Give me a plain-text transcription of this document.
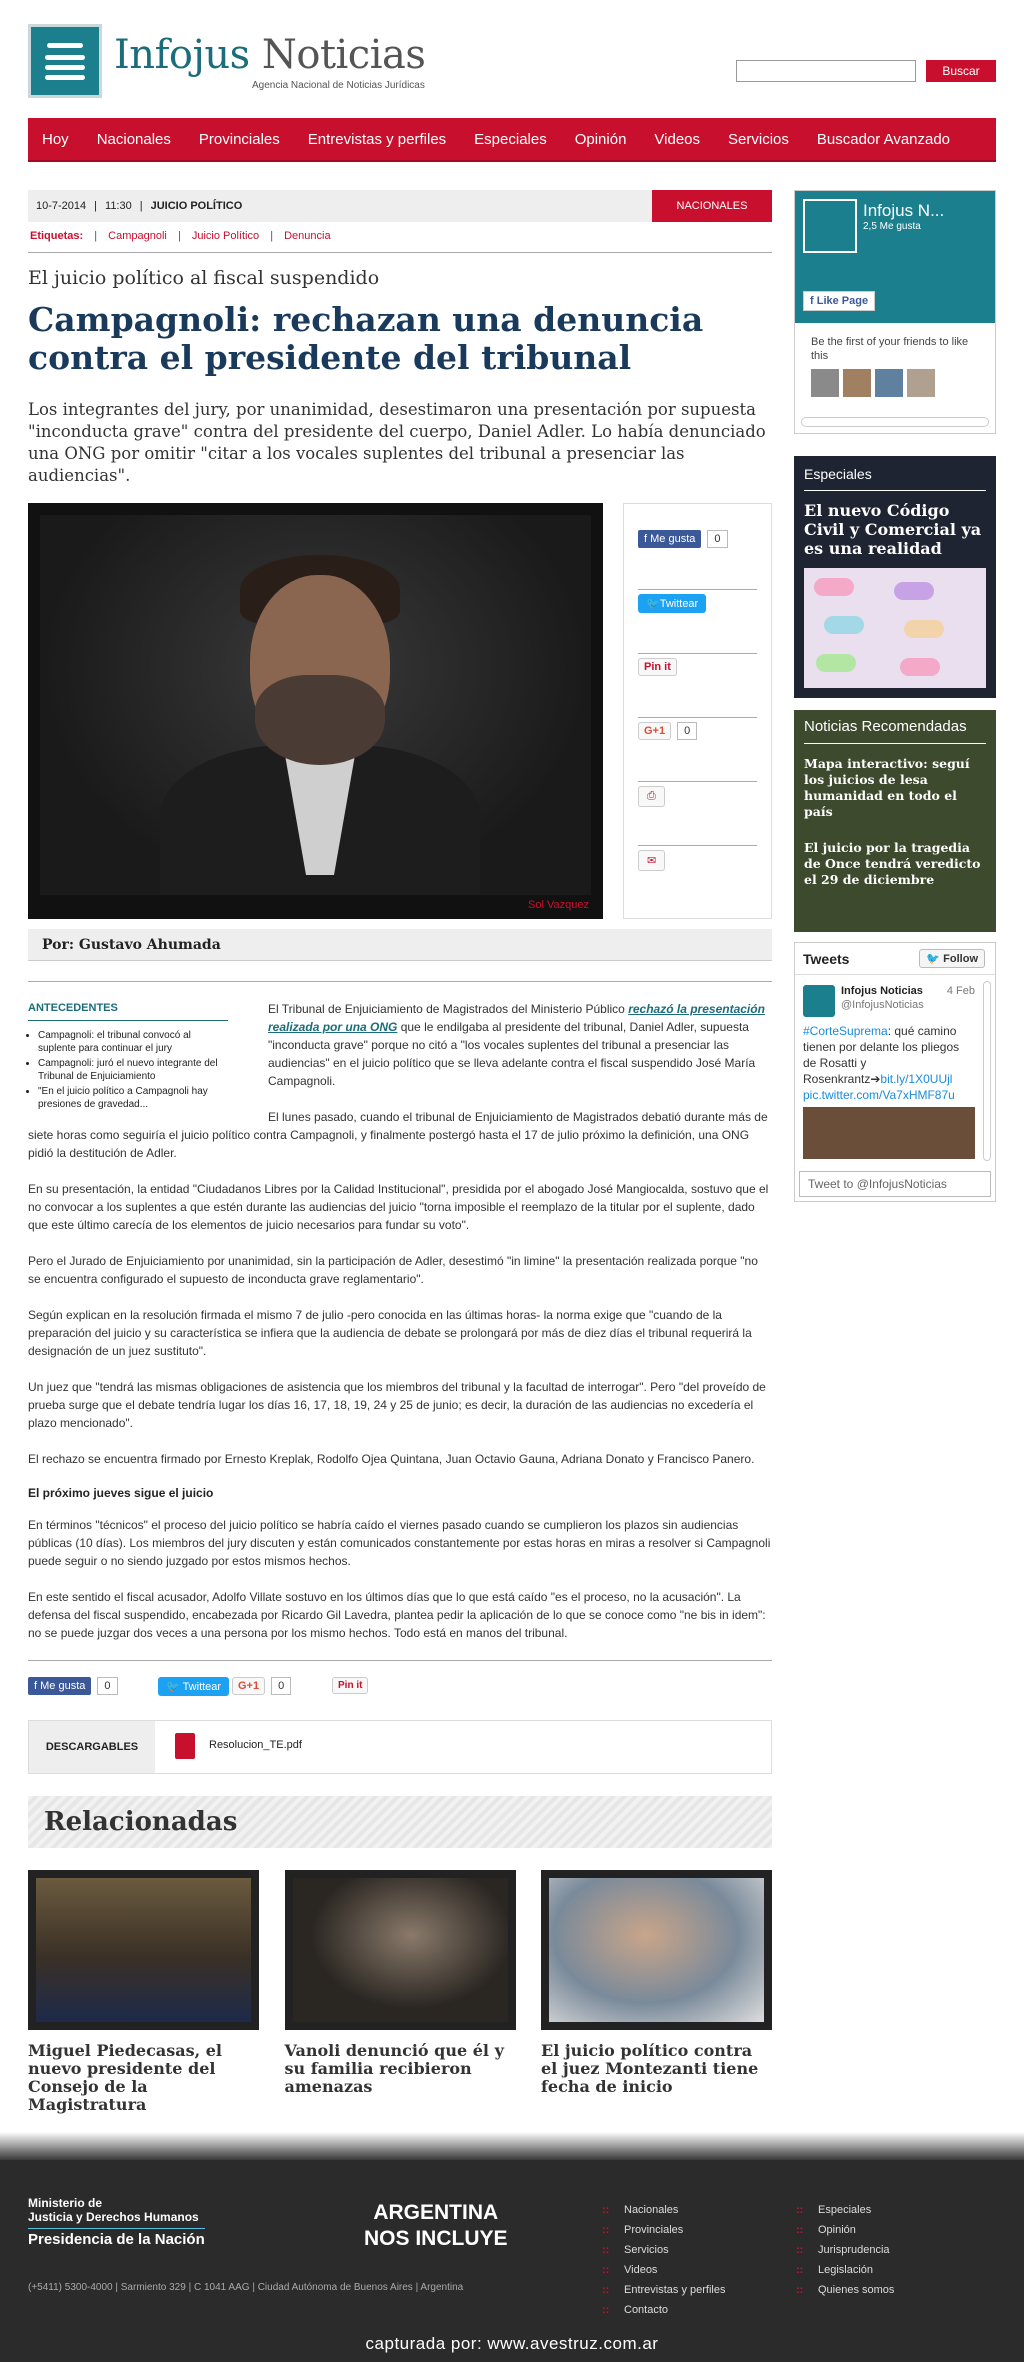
Infojus Noticias
Agencia Nacional de Noticias Jurídicas
Buscar
Hoy Nacionales Provinciales Entrevistas y perfiles Especiales Opinión Videos Servicios Buscador Avanzado
10-7-2014 | 11:30 | JUICIO POLÍTICO	NACIONALES
Etiquetas: | Campagnoli | Juicio Político | Denuncia
El juicio político al fiscal suspendido
Campagnoli: rechazan una denuncia contra el presidente del tribunal

Los integrantes del jury, por unanimidad, desestimaron una presentación por supuesta "inconducta grave" contra del presidente del cuerpo, Daniel Adler. Lo había denunciado una ONG por omitir "citar a los vocales suplentes del tribunal a presenciar las audiencias".

Sol Vazquez
f Me gusta	0
🐦 Twittear
Pin it
G+1	0
⎙
✉
Por: Gustavo Ahumada
ANTECEDENTES
• Campagnoli: el tribunal convocó al suplente para continuar el jury
• Campagnoli: juró el nuevo integrante del Tribunal de Enjuiciamiento
• "En el juicio político a Campagnoli hay presiones de gravedad...

El Tribunal de Enjuiciamiento de Magistrados del Ministerio Público rechazó la presentación realizada por una ONG que le endilgaba al presidente del tribunal, Daniel Adler, supuesta "inconducta grave" porque no citó a "los vocales suplentes del tribunal a presenciar las audiencias" en el juicio político que se lleva adelante contra el fiscal suspendido José María Campagnoli.

El lunes pasado, cuando el tribunal de Enjuiciamiento de Magistrados debatió durante más de siete horas como seguiría el juicio político contra Campagnoli, y finalmente postergó hasta el 17 de julio próximo la definición, una ONG pidió la destitución de Adler.

En su presentación, la entidad "Ciudadanos Libres por la Calidad Institucional", presidida por el abogado José Mangiocalda, sostuvo que el no convocar a los suplentes a que estén durante las audiencias del juicio "torna imposible el reemplazo de la titular por el suplente, dado que este último carecía de los elementos de juicio necesarios para fundar su voto".

Pero el Jurado de Enjuiciamiento por unanimidad, sin la participación de Adler, desestimó "in limine" la presentación realizada porque "no se encuentra configurado el supuesto de inconducta grave reglamentario".

Según explican en la resolución firmada el mismo 7 de julio -pero conocida en las últimas horas- la norma exige que "cuando de la preparación del juicio y su característica se infiera que la audiencia de debate se prolongará por más de diez días el tribunal requerirá la designación de un juez sustituto".

Un juez que "tendrá las mismas obligaciones de asistencia que los miembros del tribunal y la facultad de interrogar". Pero "del proveído de prueba surge que el debate tendría lugar los días 16, 17, 18, 19, 24 y 25 de junio; es decir, la duración de las audiencias no excedería el plazo mencionado".

El rechazo se encuentra firmado por Ernesto Kreplak, Rodolfo Ojea Quintana, Juan Octavio Gauna, Adriana Donato y Francisco Panero.

El próximo jueves sigue el juicio

En términos "técnicos" el proceso del juicio político se habría caído el viernes pasado cuando se cumplieron los plazos sin audiencias públicas (10 días). Los miembros del jury discuten y están comunicados constantemente por estas horas en miras a resolver si Campagnoli puede seguir o no siendo juzgado por estos mismos hechos.

En este sentido el fiscal acusador, Adolfo Villate sostuvo en los últimos días que lo que está caído "es el proceso, no la acusación". La defensa del fiscal suspendido, encabezada por Ricardo Gil Lavedra, plantea pedir la aplicación de lo que se conoce como "ne bis in idem": no se puede juzgar dos veces a una persona por los mismo hechos. Todo está en manos del tribunal.

f Me gusta	0	🐦 Twittear	G+1	0	Pin it
DESCARGABLES	Resolucion_TE.pdf
Relacionadas
Miguel Piedecasas, el nuevo presidente del Consejo de la Magistratura
Vanoli denunció que él y su familia recibieron amenazas
El juicio político contra el juez Montezanti tiene fecha de inicio
Infojus N...
2,5 Me gusta
f Like Page
Be the first of your friends to like this
Especiales
El nuevo Código Civil y Comercial ya es una realidad
Noticias Recomendadas
Mapa interactivo: seguí los juicios de lesa humanidad en todo el país
El juicio por la tragedia de Once tendrá veredicto el 29 de diciembre
Tweets	🐦 Follow
Infojus Noticias
@InfojusNoticias
4 Feb
#CorteSuprema: qué camino tienen por delante los pliegos de Rosatti y Rosenkrantz➔bit.ly/1X0UUjl pic.twitter.com/Va7xHMF87u
Tweet to @InfojusNoticias
Ministerio de
Justicia y Derechos Humanos
Presidencia de la Nación
ARGENTINA
NOS INCLUYE
(+5411) 5300-4000 | Sarmiento 329 | C 1041 AAG | Ciudad Autónoma de Buenos Aires | Argentina
:: Nacionales
:: Provinciales
:: Servicios
:: Videos
:: Entrevistas y perfiles
:: Contacto
:: Especiales
:: Opinión
:: Jurisprudencia
:: Legislación
:: Quienes somos
capturada por: www.avestruz.com.ar
